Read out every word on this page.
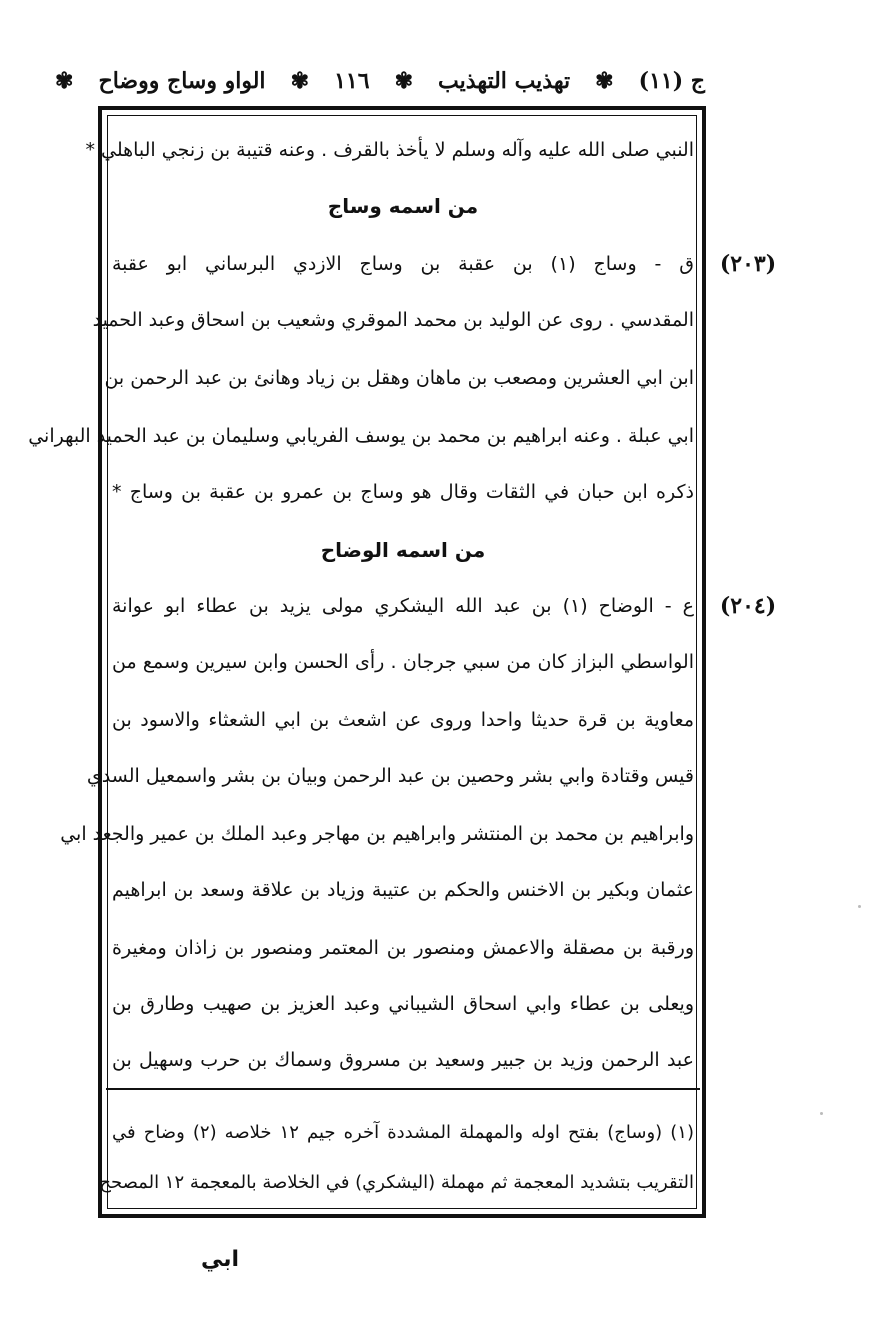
ج (١١)
✾
تهذيب التهذيب
✾
١١٦
✾
الواو وساج ووضاح
✾
(٢٠٣)
(٢٠٤)
النبي صلى الله عليه وآله وسلم لا يأخذ بالقرف . وعنه قتيبة بن زنجي الباهلي *
من اسمه وساج
ق - وساج (١) بن عقبة بن وساج الازدي البرساني ابو عقبة
المقدسي . روى عن الوليد بن محمد الموقري وشعيب بن اسحاق وعبد الحميد
ابن ابي العشرين ومصعب بن ماهان وهقل بن زياد وهانئ بن عبد الرحمن بن
ابي عبلة . وعنه ابراهيم بن محمد بن يوسف الفريابي وسليمان بن عبد الحميد البهراني
ذكره ابن حبان في الثقات وقال هو وساج بن عمرو بن عقبة بن وساج *
من اسمه الوضاح
ع - الوضاح (١) بن عبد الله اليشكري مولى يزيد بن عطاء ابو عوانة
الواسطي البزاز كان من سبي جرجان . رأى الحسن وابن سيرين وسمع من
معاوية بن قرة حديثا واحدا وروى عن اشعث بن ابي الشعثاء والاسود بن
قيس وقتادة وابي بشر وحصين بن عبد الرحمن وبيان بن بشر واسمعيل السدي
وابراهيم بن محمد بن المنتشر وابراهيم بن مهاجر وعبد الملك بن عمير والجعد ابي
عثمان وبكير بن الاخنس والحكم بن عتيبة وزياد بن علاقة وسعد بن ابراهيم
ورقبة بن مصقلة والاعمش ومنصور بن المعتمر ومنصور بن زاذان ومغيرة
ويعلى بن عطاء وابي اسحاق الشيباني وعبد العزيز بن صهيب وطارق بن
عبد الرحمن وزيد بن جبير وسعيد بن مسروق وسماك بن حرب وسهيل بن
(١) (وساج) بفتح اوله والمهملة المشددة آخره جيم ١٢ خلاصه (٢) وضاح في
التقريب بتشديد المعجمة ثم مهملة (اليشكري) في الخلاصة بالمعجمة ١٢ المصحح
ابي
